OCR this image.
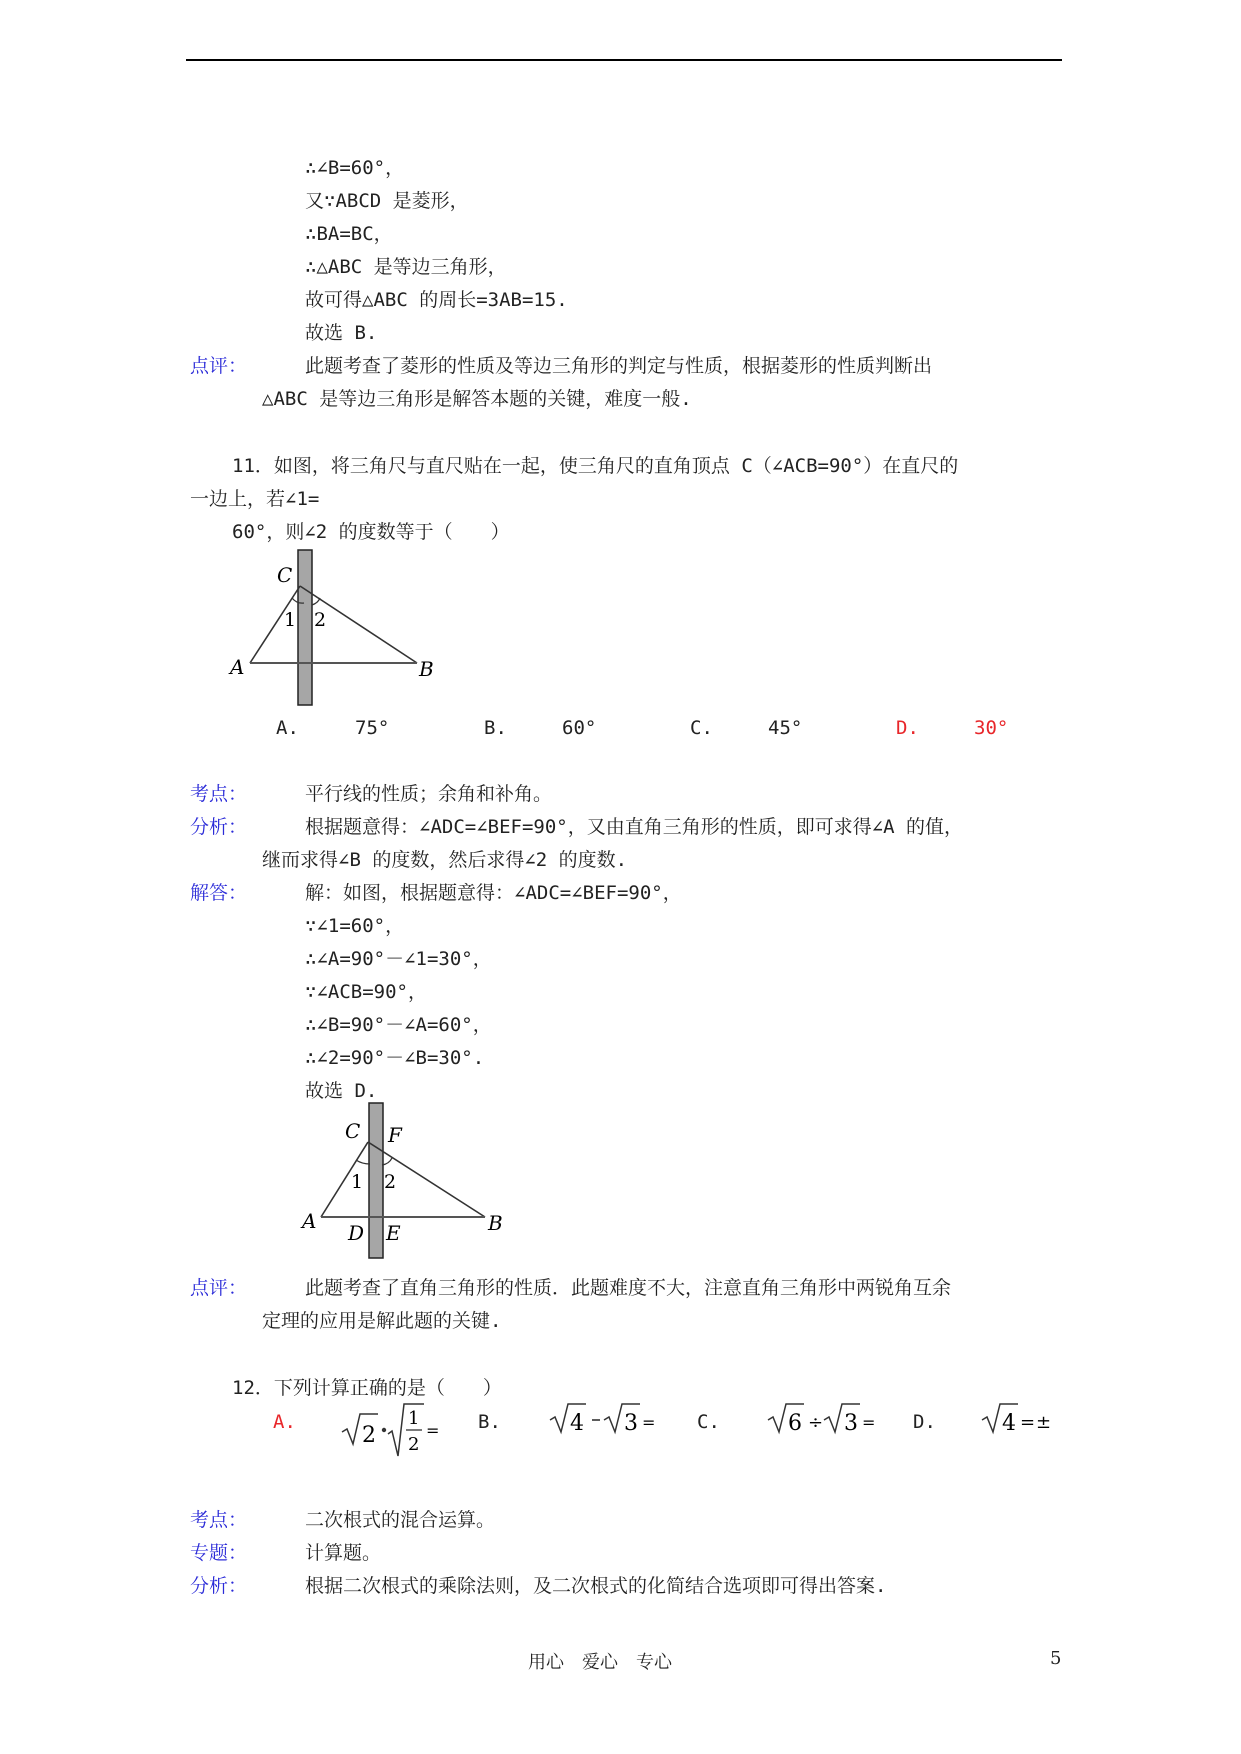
∴∠B=60°，
又∵ABCD 是菱形，
∴BA=BC，
∴△ABC 是等边三角形，
故可得△ABC 的周长=3AB=15.
故选 B.
点评：	此题考查了菱形的性质及等边三角形的判定与性质，根据菱形的性质判断出
△ABC 是等边三角形是解答本题的关键，难度一般.
11．如图，将三角尺与直尺贴在一起，使三角尺的直角顶点 C（∠ACB=90°）在直尺的
一边上，若∠1=
60°，则∠2 的度数等于（　　）
C
A	B
1 2
A.	75°	B.	60°	C.	45°	D.	30°
考点：	平行线的性质；余角和补角。
分析：	根据题意得：∠ADC=∠BEF=90°，又由直角三角形的性质，即可求得∠A 的值，
继而求得∠B 的度数，然后求得∠2 的度数.
解答：	解：如图，根据题意得：∠ADC=∠BEF=90°，
∵∠1=60°，
∴∠A=90°－∠1=30°，
∵∠ACB=90°，
∴∠B=90°－∠A=60°，
∴∠2=90°－∠B=30°.
故选 D.
C F
A D E	B
1 2
点评：	此题考查了直角三角形的性质．此题难度不大，注意直角三角形中两锐角互余
定理的应用是解此题的关键.
12．下列计算正确的是（　　）
A.
2
1
2
= B.	4 3 = C.	6 ÷ 3 = D.	4 = ±
考点：	二次根式的混合运算。
专题：	计算题。
分析：	根据二次根式的乘除法则，及二次根式的化简结合选项即可得出答案.
用心　爱心　专心	5
